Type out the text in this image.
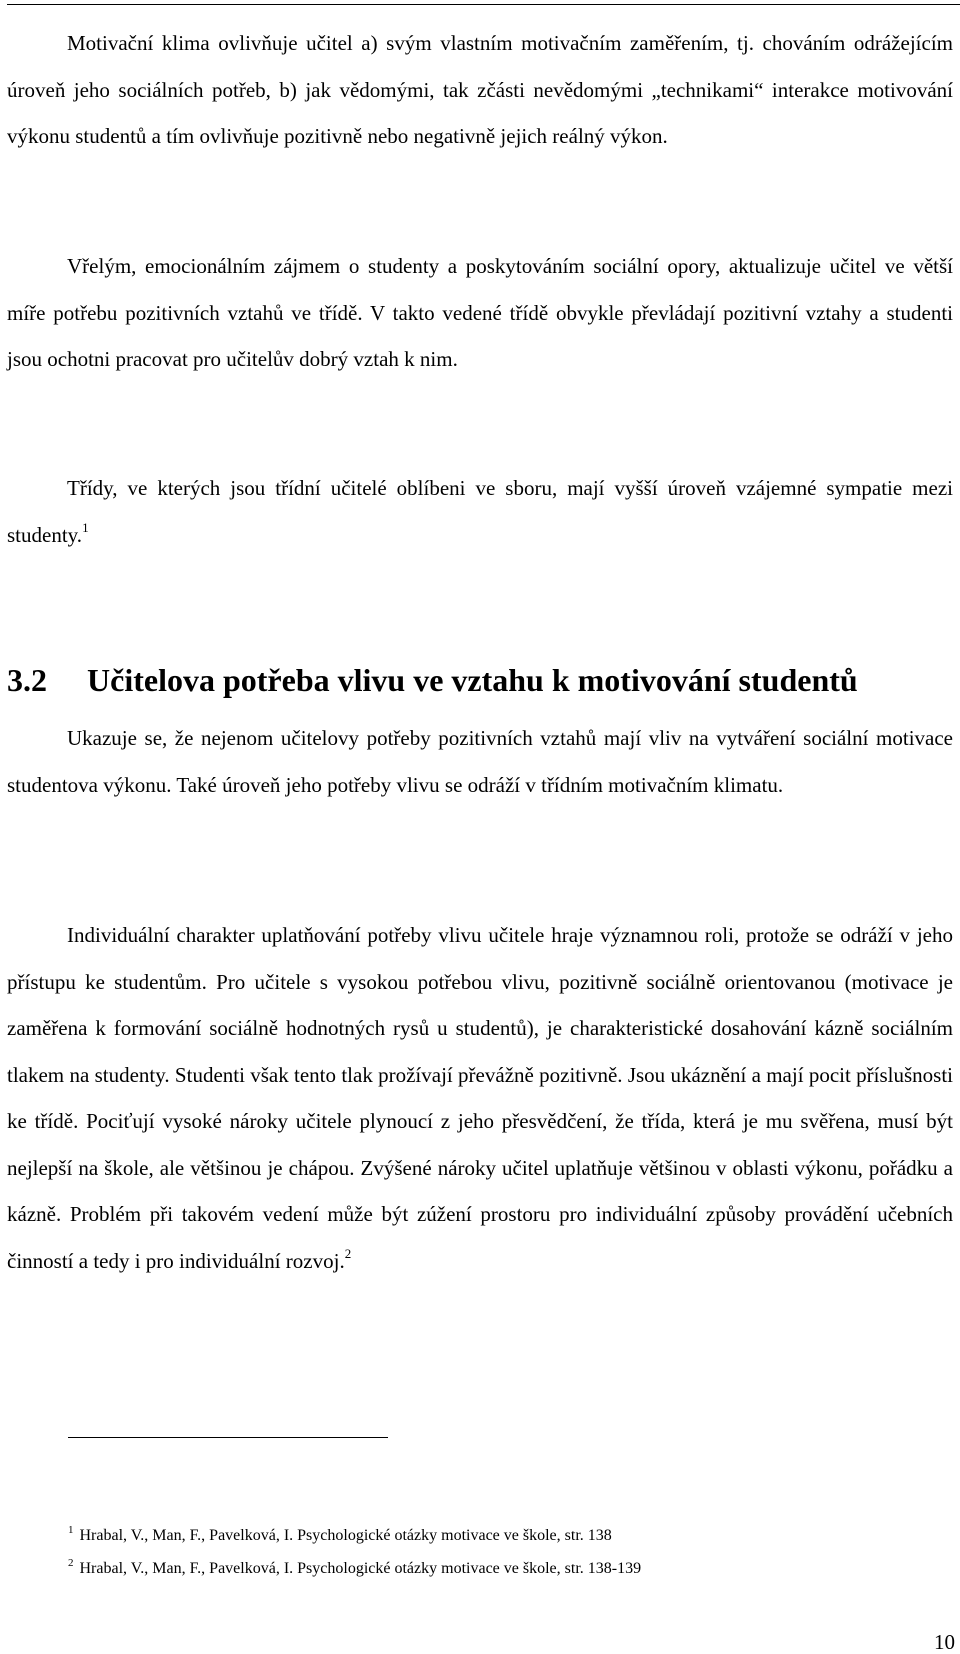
Motivační klima ovlivňuje učitel a) svým vlastním motivačním zaměřením, tj. chováním odrážejícím úroveň jeho sociálních potřeb, b) jak vědomými, tak zčásti nevědomými „technikami“ interakce motivování výkonu studentů a tím ovlivňuje pozitivně nebo negativně jejich reálný výkon.

Vřelým, emocionálním zájmem o studenty a poskytováním sociální opory, aktualizuje učitel ve větší míře potřebu pozitivních vztahů ve třídě. V takto vedené třídě obvykle převládají pozitivní vztahy a studenti jsou ochotni pracovat pro učitelův dobrý vztah k nim.

Třídy, ve kterých jsou třídní učitelé oblíbeni ve sboru, mají vyšší úroveň vzájemné sympatie mezi studenty.$^1$

3.2 Učitelova potřeba vlivu ve vztahu k motivování studentů

Ukazuje se, že nejenom učitelovy potřeby pozitivních vztahů mají vliv na vytváření sociální motivace studentova výkonu. Také úroveň jeho potřeby vlivu se odráží v třídním motivačním klimatu.

Individuální charakter uplatňování potřeby vlivu učitele hraje významnou roli, protože se odráží v jeho přístupu ke studentům. Pro učitele s vysokou potřebou vlivu, pozitivně sociálně orientovanou (motivace je zaměřena k formování sociálně hodnotných rysů u studentů), je charakteristické dosahování kázně sociálním tlakem na studenty. Studenti však tento tlak prožívají převážně pozitivně. Jsou ukáznění a mají pocit příslušnosti ke třídě. Pociťují vysoké nároky učitele plynoucí z jeho přesvědčení, že třída, která je mu svěřena, musí být nejlepší na škole, ale většinou je chápou. Zvýšené nároky učitel uplatňuje většinou v oblasti výkonu, pořádku a kázně. Problém při takovém vedení může být zúžení prostoru pro individuální způsoby provádění učebních činností a tedy i pro individuální rozvoj.$^2$

$^1$ Hrabal, V., Man, F., Pavelková, I. Psychologické otázky motivace ve škole, str. 138
$^2$ Hrabal, V., Man, F., Pavelková, I. Psychologické otázky motivace ve škole, str. 138-139
10
